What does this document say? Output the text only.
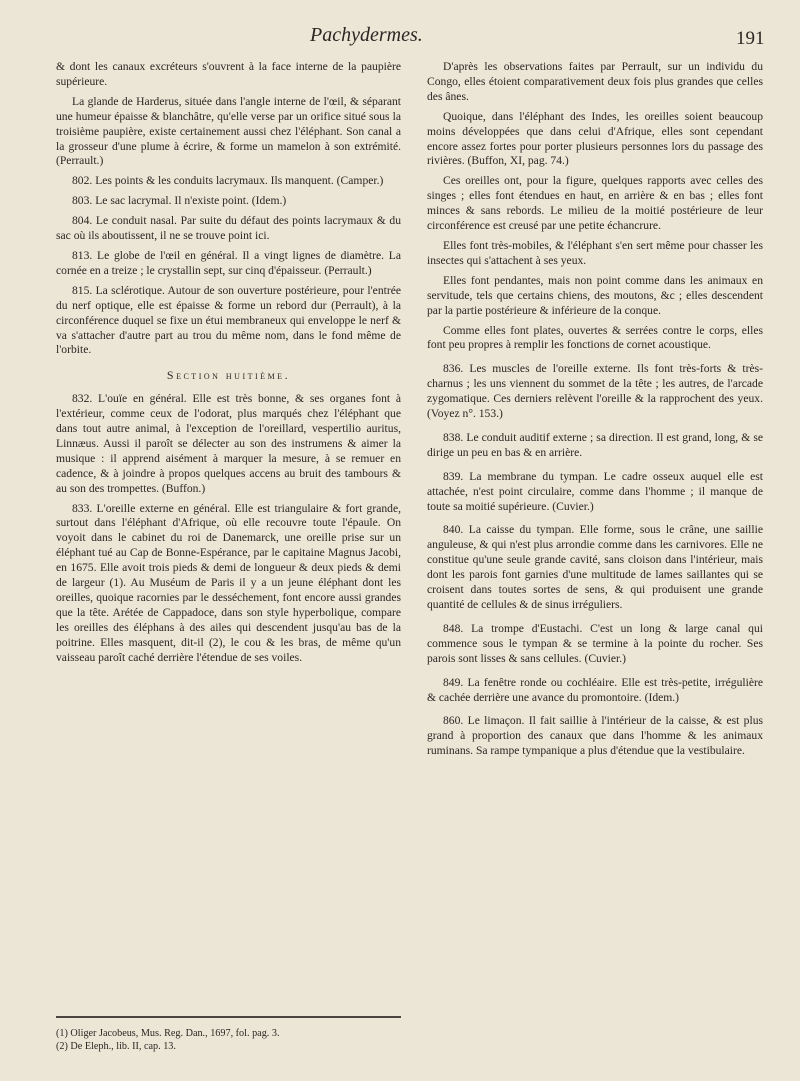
Pachydermes.	191

& dont les canaux excréteurs s'ouvrent à la face interne de la paupière supérieure.

La glande de Harderus, située dans l'angle interne de l'œil, & séparant une humeur épaisse & blanchâtre, qu'elle verse par un orifice situé sous la troisième paupière, existe certainement aussi chez l'éléphant. Son canal a la grosseur d'une plume à écrire, & forme un mamelon à son extrémité. (Perrault.)

802. Les points & les conduits lacrymaux. Ils manquent. (Camper.)

803. Le sac lacrymal. Il n'existe point. (Idem.)

804. Le conduit nasal. Par suite du défaut des points lacrymaux & du sac où ils aboutissent, il ne se trouve point ici.

813. Le globe de l'œil en général. Il a vingt lignes de diamètre. La cornée en a treize ; le crystallin sept, sur cinq d'épaisseur. (Perrault.)

815. La sclérotique. Autour de son ouverture postérieure, pour l'entrée du nerf optique, elle est épaisse & forme un rebord dur (Perrault), à la circonférence duquel se fixe un étui membraneux qui enveloppe le nerf & va s'attacher d'autre part au trou du même nom, dans le fond même de l'orbite.

Section huitième.

832. L'ouïe en général. Elle est très bonne, & ses organes font à l'extérieur, comme ceux de l'odorat, plus marqués chez l'éléphant que dans tout autre animal, à l'exception de l'oreillard, vespertilio auritus, Linnæus. Aussi il paroît se délecter au son des instrumens & aimer la musique : il apprend aisément à marquer la mesure, à se remuer en cadence, & à joindre à propos quelques accens au bruit des tambours & au son des trompettes. (Buffon.)

833. L'oreille externe en général. Elle est triangulaire & fort grande, surtout dans l'éléphant d'Afrique, où elle recouvre toute l'épaule. On voyoit dans le cabinet du roi de Danemarck, une oreille prise sur un éléphant tué au Cap de Bonne-Espérance, par le capitaine Magnus Jacobi, en 1675. Elle avoit trois pieds & demi de longueur & deux pieds & demi de largeur (1). Au Muséum de Paris il y a un jeune éléphant dont les oreilles, quoique racornies par le desséchement, font encore aussi grandes que la tête. Arétée de Cappadoce, dans son style hyperbolique, compare les oreilles des éléphans à des ailes qui descendent jusqu'au bas de la poitrine. Elles masquent, dit-il (2), le cou & les bras, de même qu'un vaisseau paroît caché derrière l'étendue de ses voiles.

D'après les observations faites par Perrault, sur un individu du Congo, elles étoient comparativement deux fois plus grandes que celles des ânes.

Quoique, dans l'éléphant des Indes, les oreilles soient beaucoup moins développées que dans celui d'Afrique, elles sont cependant encore assez fortes pour porter plusieurs personnes lors du passage des rivières. (Buffon, XI, pag. 74.)

Ces oreilles ont, pour la figure, quelques rapports avec celles des singes ; elles font étendues en haut, en arrière & en bas ; elles font minces & sans rebords. Le milieu de la moitié postérieure de leur circonférence est creusé par une petite échancrure.

Elles font très-mobiles, & l'éléphant s'en sert même pour chasser les insectes qui s'attachent à ses yeux.

Elles font pendantes, mais non point comme dans les animaux en servitude, tels que certains chiens, des moutons, &c ; elles descendent par la partie postérieure & inférieure de la conque.

Comme elles font plates, ouvertes & serrées contre le corps, elles font peu propres à remplir les fonctions de cornet acoustique.

836. Les muscles de l'oreille externe. Ils font très-forts & très-charnus ; les uns viennent du sommet de la tête ; les autres, de l'arcade zygomatique. Ces derniers relèvent l'oreille & la rapprochent des yeux. (Voyez n°. 153.)

838. Le conduit auditif externe ; sa direction. Il est grand, long, & se dirige un peu en bas & en arrière.

839. La membrane du tympan. Le cadre osseux auquel elle est attachée, n'est point circulaire, comme dans l'homme ; il manque de toute sa moitié supérieure. (Cuvier.)

840. La caisse du tympan. Elle forme, sous le crâne, une saillie anguleuse, & qui n'est plus arrondie comme dans les carnivores. Elle ne constitue qu'une seule grande cavité, sans cloison dans l'intérieur, mais dont les parois font garnies d'une multitude de lames saillantes qui se croisent dans toutes sortes de sens, & qui produisent une grande quantité de cellules & de sinus irréguliers.

848. La trompe d'Eustachi. C'est un long & large canal qui commence sous le tympan & se termine à la pointe du rocher. Ses parois sont lisses & sans cellules. (Cuvier.)

849. La fenêtre ronde ou cochléaire. Elle est très-petite, irrégulière & cachée derrière une avance du promontoire. (Idem.)

860. Le limaçon. Il fait saillie à l'intérieur de la caisse, & est plus grand à proportion des canaux que dans l'homme & les animaux ruminans. Sa rampe tympanique a plus d'étendue que la vestibulaire.

(1) Oliger Jacobeus, Mus. Reg. Dan., 1697, fol. pag. 3.
(2) De Eleph., lib. II, cap. 13.
